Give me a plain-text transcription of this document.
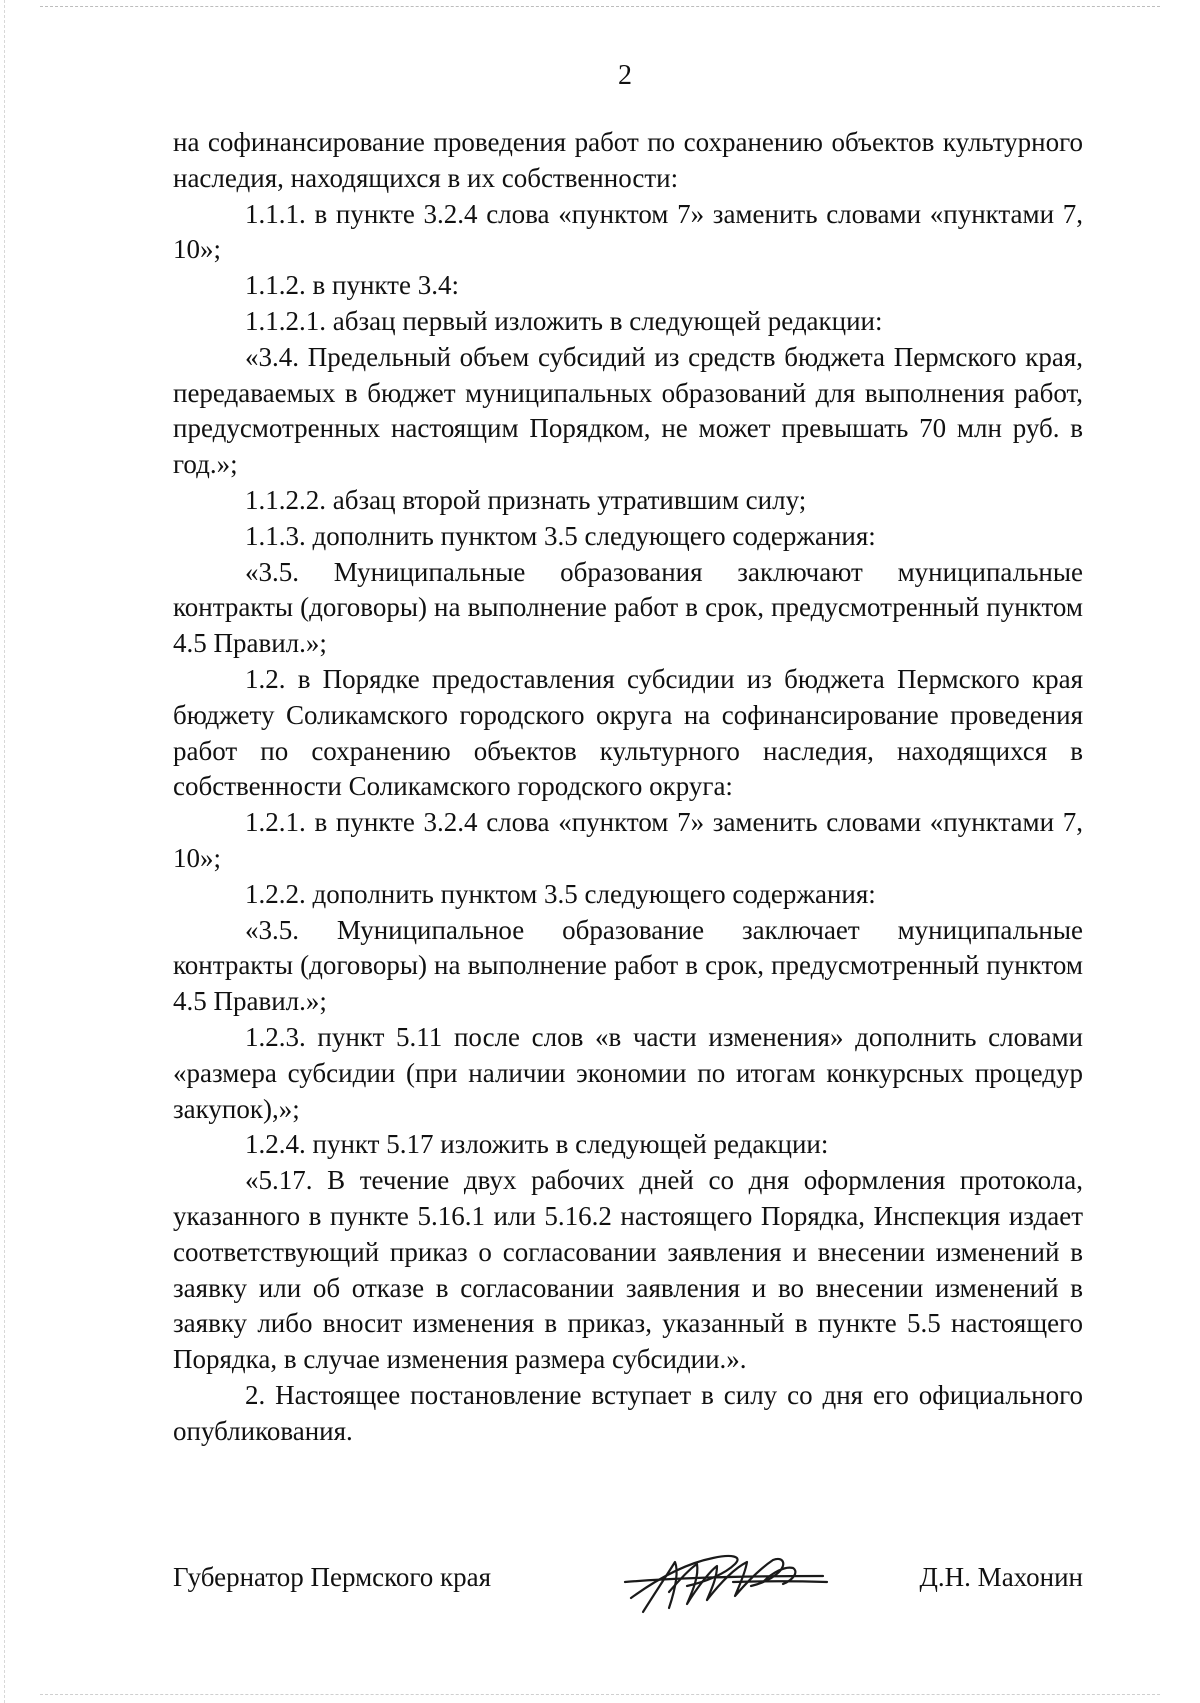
2

на софинансирование проведения работ по сохранению объектов культурного наследия, находящихся в их собственности:

1.1.1. в пункте 3.2.4 слова «пунктом 7» заменить словами «пунктами 7, 10»;

1.1.2. в пункте 3.4:

1.1.2.1. абзац первый изложить в следующей редакции:

«3.4. Предельный объем субсидий из средств бюджета Пермского края, передаваемых в бюджет муниципальных образований для выполнения работ, предусмотренных настоящим Порядком, не может превышать 70 млн руб. в год.»;

1.1.2.2. абзац второй признать утратившим силу;

1.1.3. дополнить пунктом 3.5 следующего содержания:

«3.5. Муниципальные образования заключают муниципальные контракты (договоры) на выполнение работ в срок, предусмотренный пунктом 4.5 Правил.»;

1.2. в Порядке предоставления субсидии из бюджета Пермского края бюджету Соликамского городского округа на софинансирование проведения работ по сохранению объектов культурного наследия, находящихся в собственности Соликамского городского округа:

1.2.1. в пункте 3.2.4 слова «пунктом 7» заменить словами «пунктами 7, 10»;

1.2.2. дополнить пунктом 3.5 следующего содержания:

«3.5. Муниципальное образование заключает муниципальные контракты (договоры) на выполнение работ в срок, предусмотренный пунктом 4.5 Правил.»;

1.2.3. пункт 5.11 после слов «в части изменения» дополнить словами «размера субсидии (при наличии экономии по итогам конкурсных процедур закупок),»;

1.2.4. пункт 5.17 изложить в следующей редакции:

«5.17. В течение двух рабочих дней со дня оформления протокола, указанного в пункте 5.16.1 или 5.16.2 настоящего Порядка, Инспекция издает соответствующий приказ о согласовании заявления и внесении изменений в заявку или об отказе в согласовании заявления и во внесении изменений в заявку либо вносит изменения в приказ, указанный в пункте 5.5 настоящего Порядка, в случае изменения размера субсидии.».

2. Настоящее постановление вступает в силу со дня его официального опубликования.

Губернатор Пермского края	Д.Н. Махонин
